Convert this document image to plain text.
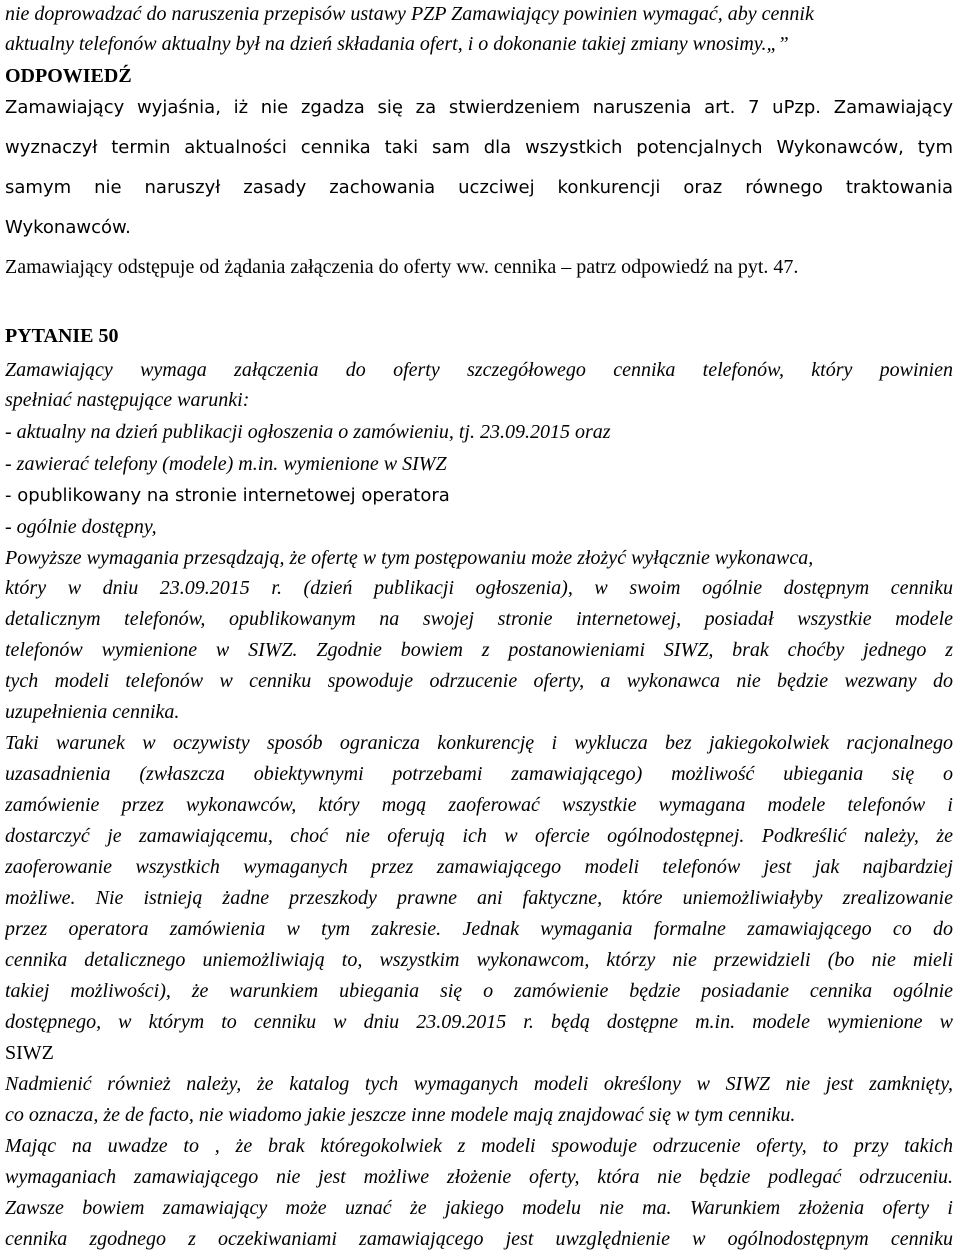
nie doprowadzać do naruszenia przepisów ustawy PZP Zamawiający powinien wymagać, aby cennik
aktualny telefonów aktualny był na dzień składania ofert, i o dokonanie takiej zmiany wnosimy.„”
ODPOWIEDŹ
Zamawiający wyjaśnia, iż nie zgadza się za stwierdzeniem naruszenia art. 7 uPzp. Zamawiający
wyznaczył termin aktualności cennika taki sam dla wszystkich potencjalnych Wykonawców, tym
samym nie naruszył zasady zachowania uczciwej konkurencji oraz równego traktowania
Wykonawców.
Zamawiający odstępuje od żądania załączenia do oferty ww. cennika – patrz odpowiedź na pyt. 47.
PYTANIE 50
Zamawiający wymaga załączenia do oferty szczegółowego cennika telefonów, który powinien
spełniać następujące warunki:
- aktualny na dzień publikacji ogłoszenia o zamówieniu, tj. 23.09.2015 oraz
- zawierać telefony (modele) m.in. wymienione w SIWZ
- opublikowany na stronie internetowej operatora
- ogólnie dostępny,
Powyższe wymagania przesądzają, że ofertę w tym postępowaniu może złożyć wyłącznie wykonawca,
który w dniu 23.09.2015 r. (dzień publikacji ogłoszenia), w swoim ogólnie dostępnym cenniku
detalicznym telefonów, opublikowanym na swojej stronie internetowej, posiadał wszystkie modele
telefonów wymienione w SIWZ. Zgodnie bowiem z postanowieniami SIWZ, brak choćby jednego z
tych modeli telefonów w cenniku spowoduje odrzucenie oferty, a wykonawca nie będzie wezwany do
uzupełnienia cennika.
Taki warunek w oczywisty sposób ogranicza konkurencję i wyklucza bez jakiegokolwiek racjonalnego
uzasadnienia (zwłaszcza obiektywnymi potrzebami zamawiającego) możliwość ubiegania się o
zamówienie przez wykonawców, który mogą zaoferować wszystkie wymagana modele telefonów i
dostarczyć je zamawiającemu, choć nie oferują ich w ofercie ogólnodostępnej. Podkreślić należy, że
zaoferowanie wszystkich wymaganych przez zamawiającego modeli telefonów jest jak najbardziej
możliwe. Nie istnieją żadne przeszkody prawne ani faktyczne, które uniemożliwiałyby zrealizowanie
przez operatora zamówienia w tym zakresie. Jednak wymagania formalne zamawiającego co do
cennika detalicznego uniemożliwiają to, wszystkim wykonawcom, którzy nie przewidzieli (bo nie mieli
takiej możliwości), że warunkiem ubiegania się o zamówienie będzie posiadanie cennika ogólnie
dostępnego, w którym to cenniku w dniu 23.09.2015 r. będą dostępne m.in. modele wymienione w
SIWZ
Nadmienić również należy, że katalog tych wymaganych modeli określony w SIWZ nie jest zamknięty,
co oznacza, że de facto, nie wiadomo jakie jeszcze inne modele mają znajdować się w tym cenniku.
Mając na uwadze to , że brak któregokolwiek z modeli spowoduje odrzucenie oferty, to przy takich
wymaganiach zamawiającego nie jest możliwe złożenie oferty, która nie będzie podlegać odrzuceniu.
Zawsze bowiem zamawiający może uznać że jakiego modelu nie ma. Warunkiem złożenia oferty i
cennika zgodnego z oczekiwaniami zamawiającego jest uwzględnienie w ogólnodostępnym cenniku
